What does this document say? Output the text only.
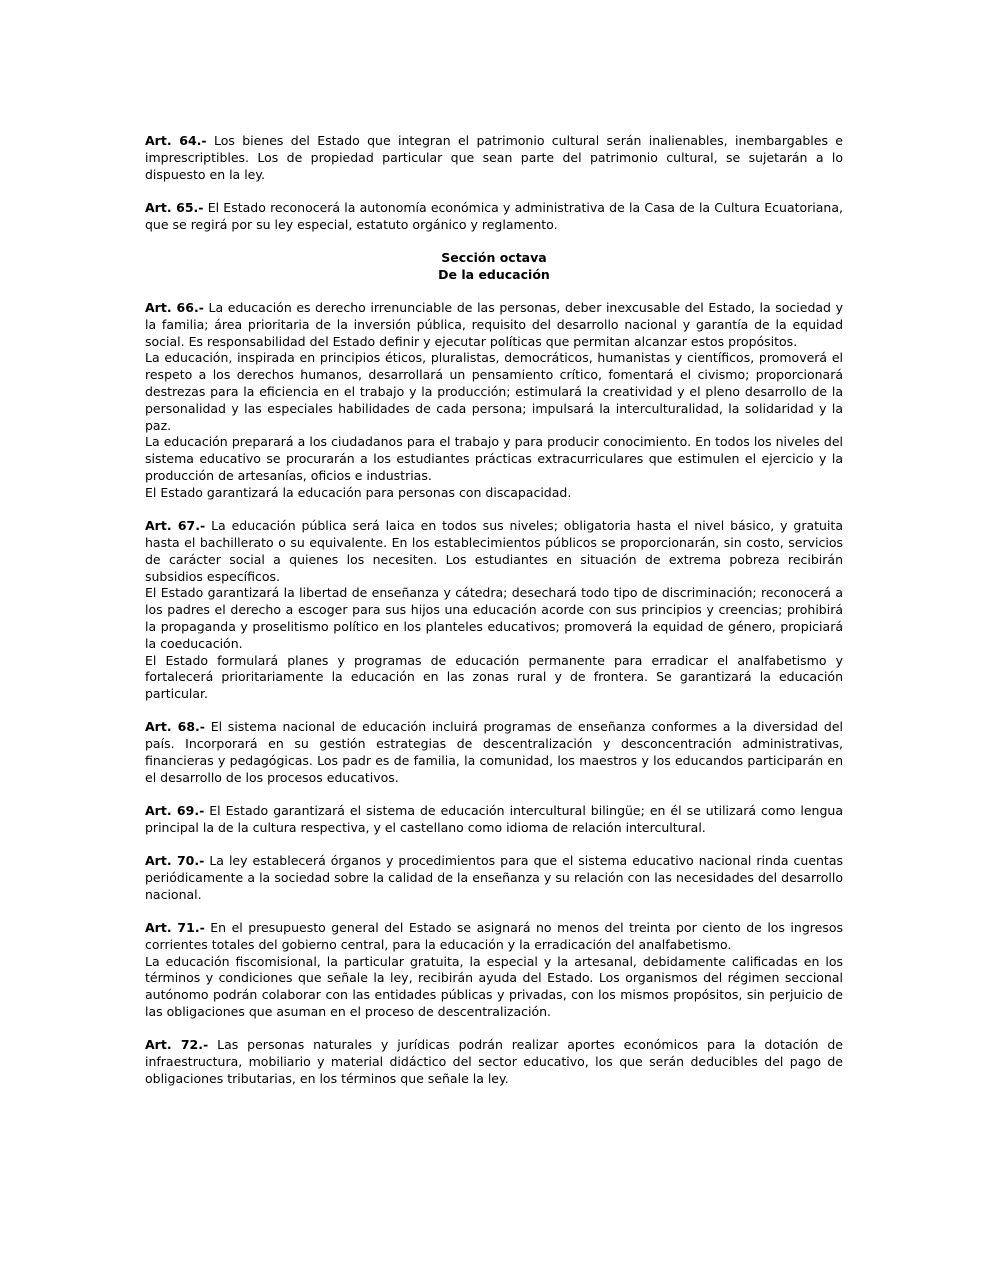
Art. 64.- Los bienes del Estado que integran el patrimonio cultural serán inalienables, inembargables e imprescriptibles. Los de propiedad particular que sean parte del patrimonio cultural, se sujetarán a lo dispuesto en la ley.

Art. 65.- El Estado reconocerá la autonomía económica y administrativa de la Casa de la Cultura Ecuatoriana, que se regirá por su ley especial, estatuto orgánico y reglamento.

Sección octava
De la educación

Art. 66.- La educación es derecho irrenunciable de las personas, deber inexcusable del Estado, la sociedad y la familia; área prioritaria de la inversión pública, requisito del desarrollo nacional y garantía de la equidad social. Es responsabilidad del Estado definir y ejecutar políticas que permitan alcanzar estos propósitos.

La educación, inspirada en principios éticos, pluralistas, democráticos, humanistas y científicos, promoverá el respeto a los derechos humanos, desarrollará un pensamiento crítico, fomentará el civismo; proporcionará destrezas para la eficiencia en el trabajo y la producción; estimulará la creatividad y el pleno desarrollo de la personalidad y las especiales habilidades de cada persona; impulsará la interculturalidad, la solidaridad y la paz.

La educación preparará a los ciudadanos para el trabajo y para producir conocimiento. En todos los niveles del sistema educativo se procurarán a los estudiantes prácticas extracurriculares que estimulen el ejercicio y la producción de artesanías, oficios e industrias.

El Estado garantizará la educación para personas con discapacidad.

Art. 67.- La educación pública será laica en todos sus niveles; obligatoria hasta el nivel básico, y gratuita hasta el bachillerato o su equivalente. En los establecimientos públicos se proporcionarán, sin costo, servicios de carácter social a quienes los necesiten. Los estudiantes en situación de extrema pobreza recibirán subsidios específicos.

El Estado garantizará la libertad de enseñanza y cátedra; desechará todo tipo de discriminación; reconocerá a los padres el derecho a escoger para sus hijos una educación acorde con sus principios y creencias; prohibirá la propaganda y proselitismo político en los planteles educativos; promoverá la equidad de género, propiciará la coeducación.

El Estado formulará planes y programas de educación permanente para erradicar el analfabetismo y fortalecerá prioritariamente la educación en las zonas rural y de frontera. Se garantizará la educación particular.

Art. 68.- El sistema nacional de educación incluirá programas de enseñanza conformes a la diversidad del país. Incorporará en su gestión estrategias de descentralización y desconcentración administrativas, financieras y pedagógicas. Los padr es de familia, la comunidad, los maestros y los educandos participarán en el desarrollo de los procesos educativos.

Art. 69.- El Estado garantizará el sistema de educación intercultural bilingüe; en él se utilizará como lengua principal la de la cultura respectiva, y el castellano como idioma de relación intercultural.

Art. 70.- La ley establecerá órganos y procedimientos para que el sistema educativo nacional rinda cuentas periódicamente a la sociedad sobre la calidad de la enseñanza y su relación con las necesidades del desarrollo nacional.

Art. 71.- En el presupuesto general del Estado se asignará no menos del treinta por ciento de los ingresos corrientes totales del gobierno central, para la educación y la erradicación del analfabetismo.

La educación fiscomisional, la particular gratuita, la especial y la artesanal, debidamente calificadas en los términos y condiciones que señale la ley, recibirán ayuda del Estado. Los organismos del régimen seccional autónomo podrán colaborar con las entidades públicas y privadas, con los mismos propósitos, sin perjuicio de las obligaciones que asuman en el proceso de descentralización.

Art. 72.- Las personas naturales y jurídicas podrán realizar aportes económicos para la dotación de infraestructura, mobiliario y material didáctico del sector educativo, los que serán deducibles del pago de obligaciones tributarias, en los términos que señale la ley.
